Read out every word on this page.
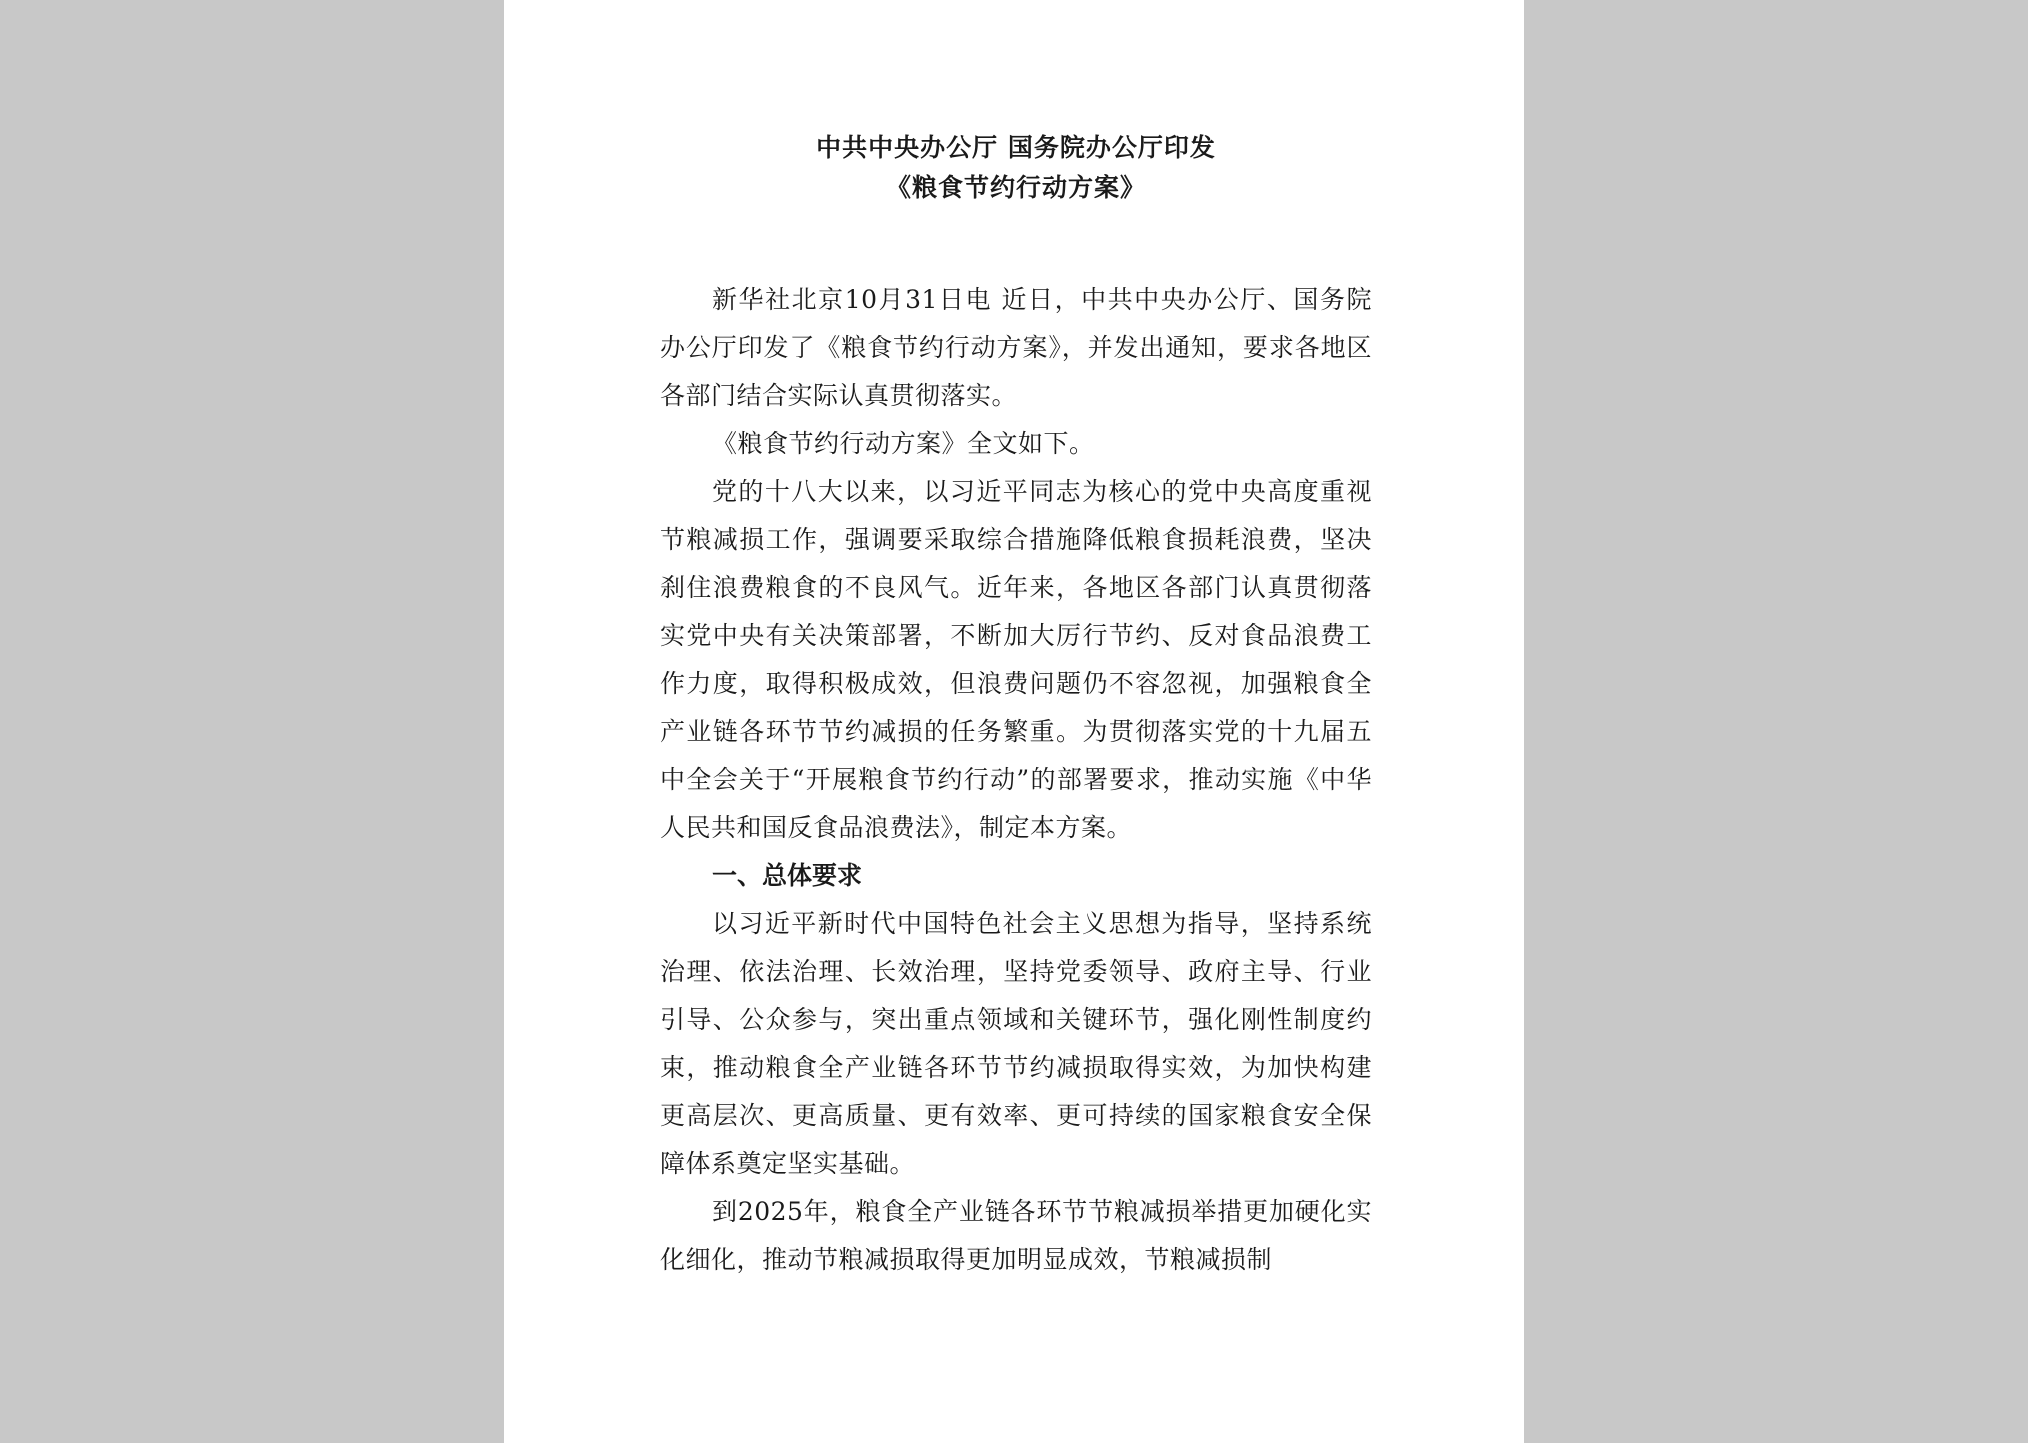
中共中央办公厅 国务院办公厅印发

《粮食节约行动方案》

新华社北京10月31日电 近日，中共中央办公厅、国务院办公厅印发了《粮食节约行动方案》，并发出通知，要求各地区各部门结合实际认真贯彻落实。

《粮食节约行动方案》全文如下。

党的十八大以来，以习近平同志为核心的党中央高度重视节粮减损工作，强调要采取综合措施降低粮食损耗浪费，坚决刹住浪费粮食的不良风气。近年来，各地区各部门认真贯彻落实党中央有关决策部署，不断加大厉行节约、反对食品浪费工作力度，取得积极成效，但浪费问题仍不容忽视，加强粮食全产业链各环节节约减损的任务繁重。为贯彻落实党的十九届五中全会关于“开展粮食节约行动”的部署要求，推动实施《中华人民共和国反食品浪费法》，制定本方案。

一、总体要求

以习近平新时代中国特色社会主义思想为指导，坚持系统治理、依法治理、长效治理，坚持党委领导、政府主导、行业引导、公众参与，突出重点领域和关键环节，强化刚性制度约束，推动粮食全产业链各环节节约减损取得实效，为加快构建更高层次、更高质量、更有效率、更可持续的国家粮食安全保障体系奠定坚实基础。

到2025年，粮食全产业链各环节节粮减损举措更加硬化实化细化，推动节粮减损取得更加明显成效，节粮减损制
